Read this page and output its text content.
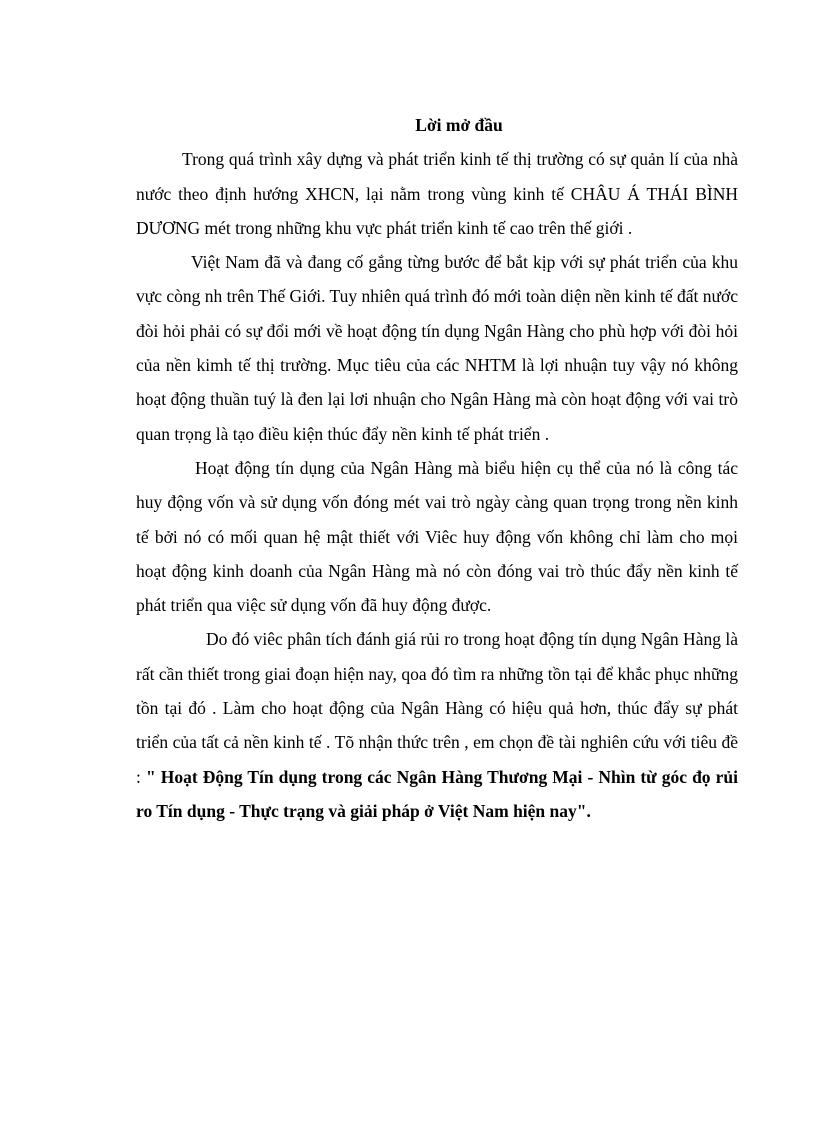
Lời mở đầu

Trong quá trình xây dựng và phát triển kinh tế thị trường có sự quản lí của nhà nước theo định hướng XHCN, lại nằm trong vùng kinh tế CHÂU Á THÁI BÌNH DƯƠNG mét trong những khu vực phát triển kinh tế cao trên thế giới .

Việt Nam đã và đang cố gắng từng bước để bắt kịp với sự phát triển của khu vực còng nh trên Thế Giới. Tuy nhiên quá trình đó mới toàn diện nền kinh tế đất nước đòi hỏi phải có sự đổi mới về hoạt động tín dụng Ngân Hàng cho phù hợp với đòi hỏi của nền kimh tế thị trường. Mục tiêu của các NHTM là lợi nhuận tuy vậy nó không hoạt động thuần tuý là đen lại lơi nhuận cho Ngân Hàng mà còn hoạt động với vai trò quan trọng là tạo điều kiện thúc đẩy nền kinh tế phát triển .

Hoạt động tín dụng của Ngân Hàng mà biểu hiện cụ thể của nó là công tác huy động vốn và sử dụng vốn đóng mét vai trò ngày càng quan trọng trong nền kinh tế bởi nó có mối quan hệ mật thiết với Viêc huy động vốn không chỉ làm cho mọi hoạt động kinh doanh của Ngân Hàng mà nó còn đóng vai trò thúc đẩy nền kinh tế phát triển qua việc sử dụng vốn đã huy động được.

Do đó viêc phân tích đánh giá rủi ro trong hoạt động tín dụng Ngân Hàng là rất cần thiết trong giai đoạn hiện nay, qoa đó tìm ra những tồn tại để khắc phục những tồn tại đó . Làm cho hoạt động của Ngân Hàng có hiệu quả hơn, thúc đẩy sự phát triển của tất cả nền kinh tế . Tõ nhận thức trên , em chọn đề tài nghiên cứu với tiêu đề : " Hoạt Động Tín dụng trong các Ngân Hàng Thương Mại - Nhìn từ góc đọ rủi ro Tín dụng - Thực trạng và giải pháp ở Việt Nam hiện nay".
